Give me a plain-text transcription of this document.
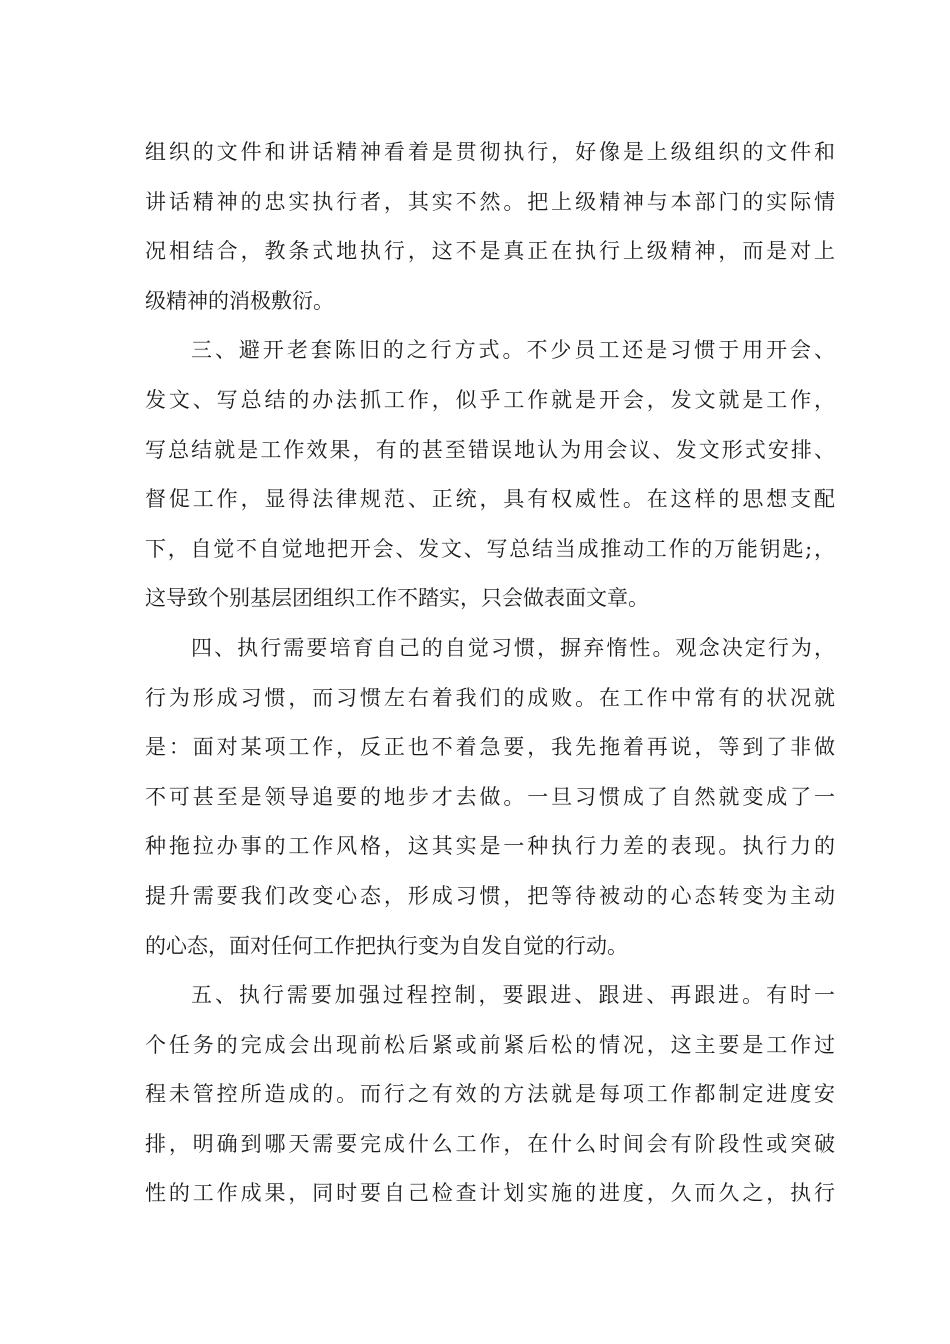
组织的文件和讲话精神看着是贯彻执行，好像是上级组织的文件和
讲话精神的忠实执行者，其实不然。把上级精神与本部门的实际情
况相结合，教条式地执行，这不是真正在执行上级精神，而是对上
级精神的消极敷衍。
三、避开老套陈旧的之行方式。不少员工还是习惯于用开会、
发文、写总结的办法抓工作，似乎工作就是开会，发文就是工作，
写总结就是工作效果，有的甚至错误地认为用会议、发文形式安排、
督促工作，显得法律规范、正统，具有权威性。在这样的思想支配
下，自觉不自觉地把开会、发文、写总结当成推动工作的万能钥匙;，
这导致个别基层团组织工作不踏实，只会做表面文章。
四、执行需要培育自己的自觉习惯，摒弃惰性。观念决定行为，
行为形成习惯，而习惯左右着我们的成败。在工作中常有的状况就
是：面对某项工作，反正也不着急要，我先拖着再说，等到了非做
不可甚至是领导追要的地步才去做。一旦习惯成了自然就变成了一
种拖拉办事的工作风格，这其实是一种执行力差的表现。执行力的
提升需要我们改变心态，形成习惯，把等待被动的心态转变为主动
的心态，面对任何工作把执行变为自发自觉的行动。
五、执行需要加强过程控制，要跟进、跟进、再跟进。有时一
个任务的完成会出现前松后紧或前紧后松的情况，这主要是工作过
程未管控所造成的。而行之有效的方法就是每项工作都制定进度安
排，明确到哪天需要完成什么工作，在什么时间会有阶段性或突破
性的工作成果，同时要自己检查计划实施的进度，久而久之，执行
